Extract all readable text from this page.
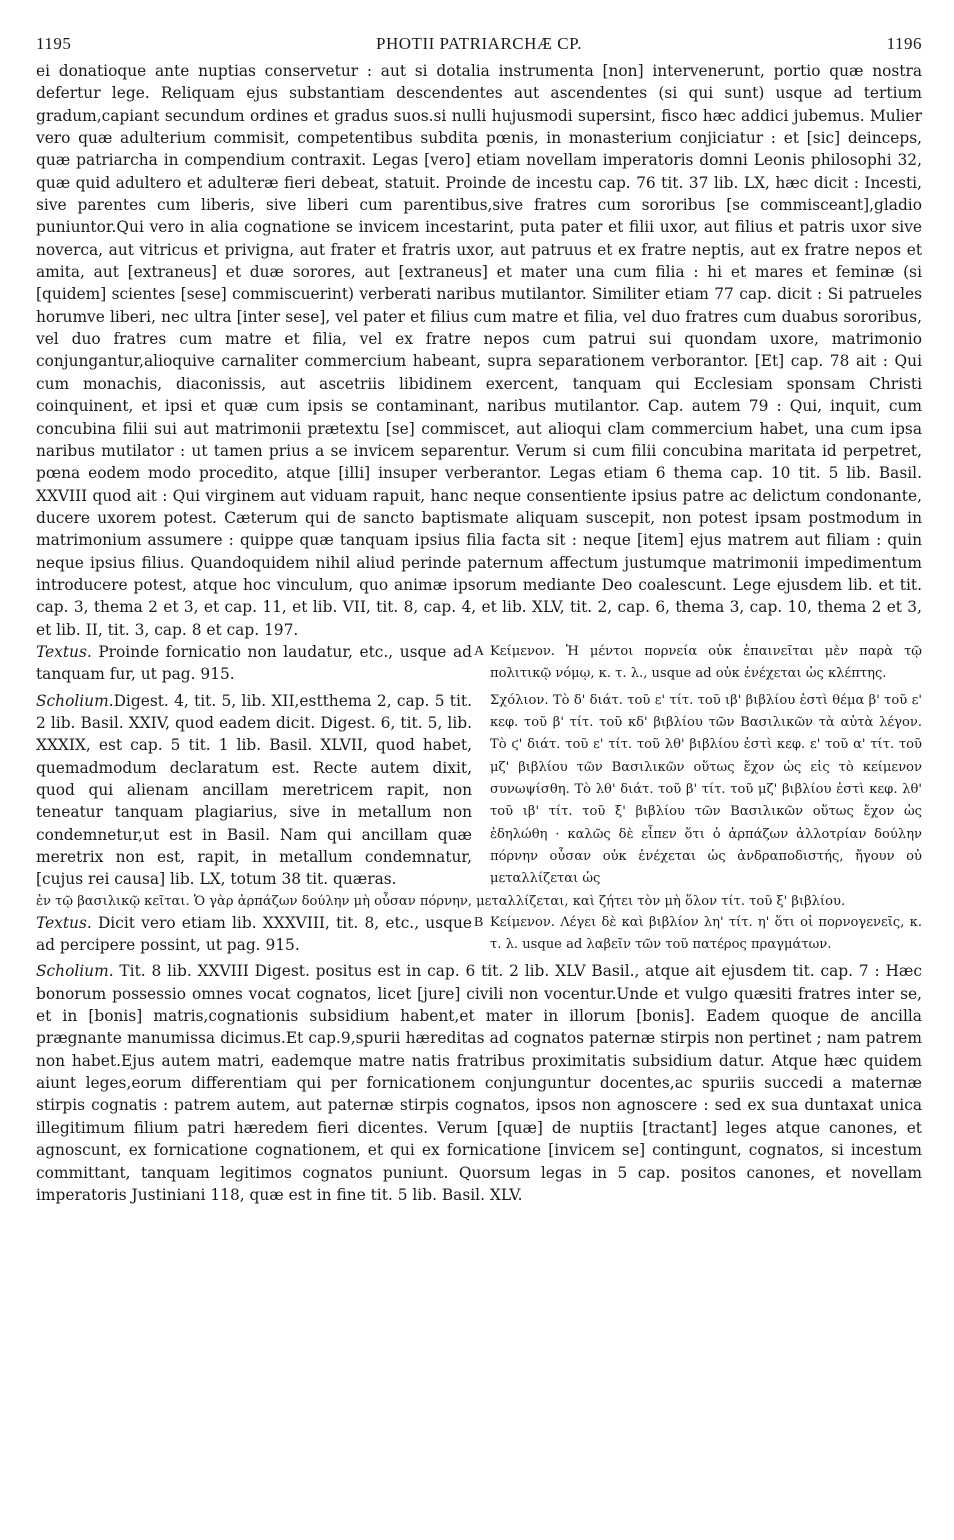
1195	PHOTII PATRIARCHÆ CP.	1196

ei donatioque ante nuptias conservetur : aut si dotalia instrumenta [non] intervenerunt, portio quæ nostra defertur lege. Reliquam ejus substantiam descendentes aut ascendentes (si qui sunt) usque ad tertium gradum,capiant secundum ordines et gradus suos.si nulli hujusmodi supersint, fisco hæc addici jubemus. Mulier vero quæ adulterium commisit, competentibus subdita pœnis, in monasterium conjiciatur : et [sic] deinceps, quæ patriarcha in compendium contraxit. Legas [vero] etiam novellam imperatoris domni Leonis philosophi 32, quæ quid adultero et adulteræ fieri debeat, statuit. Proinde de incestu cap. 76 tit. 37 lib. LX, hæc dicit : Incesti, sive parentes cum liberis, sive liberi cum parentibus,sive fratres cum sororibus [se commisceant],gladio puniuntor.Qui vero in alia cognatione se invicem incestarint, puta pater et filii uxor, aut filius et patris uxor sive noverca, aut vitricus et privigna, aut frater et fratris uxor, aut patruus et ex fratre neptis, aut ex fratre nepos et amita, aut [extraneus] et duæ sorores, aut [extraneus] et mater una cum filia : hi et mares et feminæ (si [quidem] scientes [sese] commiscuerint) verberati naribus mutilantor. Similiter etiam 77 cap. dicit : Si patrueles horumve liberi, nec ultra [inter sese], vel pater et filius cum matre et filia, vel duo fratres cum duabus sororibus, vel duo fratres cum matre et filia, vel ex fratre nepos cum patrui sui quondam uxore, matrimonio conjungantur,alioquive carnaliter commercium habeant, supra separationem verborantor. [Et] cap. 78 ait : Qui cum monachis, diaconissis, aut ascetriis libidinem exercent, tanquam qui Ecclesiam sponsam Christi coinquinent, et ipsi et quæ cum ipsis se contaminant, naribus mutilantor. Cap. autem 79 : Qui, inquit, cum concubina filii sui aut matrimonii prætextu [se] commiscet, aut alioqui clam commercium habet, una cum ipsa naribus mutilator : ut tamen prius a se invicem separentur. Verum si cum filii concubina maritata id perpetret, pœna eodem modo procedito, atque [illi] insuper verberantor. Legas etiam 6 thema cap. 10 tit. 5 lib. Basil. XXVIII quod ait : Qui virginem aut viduam rapuit, hanc neque consentiente ipsius patre ac delictum condonante, ducere uxorem potest. Cæterum qui de sancto baptismate aliquam suscepit, non potest ipsam postmodum in matrimonium assumere : quippe quæ tanquam ipsius filia facta sit : neque [item] ejus matrem aut filiam : quin neque ipsius filius. Quandoquidem nihil aliud perinde paternum affectum justumque matrimonii impedimentum introducere potest, atque hoc vinculum, quo animæ ipsorum mediante Deo coalescunt. Lege ejusdem lib. et tit. cap. 3, thema 2 et 3, et cap. 11, et lib. VII, tit. 8, cap. 4, et lib. XLV, tit. 2, cap. 6, thema 3, cap. 10, thema 2 et 3, et lib. II, tit. 3, cap. 8 et cap. 197.

Textus. Proinde fornicatio non laudatur, etc., usque ad tanquam fur, ut pag. 915.
A Κείμενον. Ἡ μέντοι πορνεία οὐκ ἐπαινεῖται μὲν παρὰ τῷ πολιτικῷ νόμῳ, κ. τ. λ., usque ad οὐκ ἐνέχεται ὡς κλέπτης.
Scholium.Digest. 4, tit. 5, lib. XII,estthema 2, cap. 5 tit. 2 lib. Basil. XXIV, quod eadem dicit. Digest. 6, tit. 5, lib. XXXIX, est cap. 5 tit. 1 lib. Basil. XLVII, quod habet, quemadmodum declaratum est. Recte autem dixit, quod qui alienam ancillam meretricem rapit, non teneatur tanquam plagiarius, sive in metallum non condemnetur,ut est in Basil. Nam qui ancillam quæ meretrix non est, rapit, in metallum condemnatur, [cujus rei causa] lib. LX, totum 38 tit. quæras.
Σχόλιον. Τὸ δ' διάτ. τοῦ ε' τίτ. τοῦ ιβ' βιβλίου ἐστὶ θέμα β' τοῦ ε' κεφ. τοῦ β' τίτ. τοῦ κδ' βιβλίου τῶν Βασιλικῶν τὰ αὐτὰ λέγον. Τὸ ϛ' διάτ. τοῦ ε' τίτ. τοῦ λθ' βιβλίου ἐστὶ κεφ. ε' τοῦ α' τίτ. τοῦ μζ' βιβλίου τῶν Βασιλικῶν οὕτως ἔχον ὡς εἰς τὸ κείμενον συνωψίσθη. Τὸ λθ' διάτ. τοῦ β' τίτ. τοῦ μζ' βιβλίου ἐστὶ κεφ. λθ' τοῦ ιβ' τίτ. τοῦ ξ' βιβλίου τῶν Βασιλικῶν οὕτως ἔχον ὡς ἐδηλώθη · καλῶς δὲ εἶπεν ὅτι ὁ ἁρπάζων ἀλλοτρίαν δούλην πόρνην οὖσαν οὐκ ἐνέχεται ὡς ἀνδραποδιστής, ἤγουν οὐ μεταλλίζεται ὡς
ἐν τῷ βασιλικῷ κεῖται. Ὁ γὰρ ἁρπάζων δούλην μὴ οὖσαν πόρνην, μεταλλίζεται, καὶ ζήτει τὸν μὴ ὅλον τίτ. τοῦ ξ' βιβλίου.
Textus. Dicit vero etiam lib. XXXVIII, tit. 8, etc., usque ad percipere possint, ut pag. 915.
B Κείμενον. Λέγει δὲ καὶ βιβλίον λη' τίτ. η' ὅτι οἱ πορνογενεῖς, κ. τ. λ. usque ad λαβεῖν τῶν τοῦ πατέρος πραγμάτων.

Scholium. Tit. 8 lib. XXVIII Digest. positus est in cap. 6 tit. 2 lib. XLV Basil., atque ait ejusdem tit. cap. 7 : Hæc bonorum possessio omnes vocat cognatos, licet [jure] civili non vocentur.Unde et vulgo quæsiti fratres inter se, et in [bonis] matris,cognationis subsidium habent,et mater in illorum [bonis]. Eadem quoque de ancilla prægnante manumissa dicimus.Et cap.9,spurii hæreditas ad cognatos paternæ stirpis non pertinet ; nam patrem non habet.Ejus autem matri, eademque matre natis fratribus proximitatis subsidium datur. Atque hæc quidem aiunt leges,eorum differentiam qui per fornicationem conjunguntur docentes,ac spuriis succedi a maternæ stirpis cognatis : patrem autem, aut paternæ stirpis cognatos, ipsos non agnoscere : sed ex sua duntaxat unica illegitimum filium patri hæredem fieri dicentes. Verum [quæ] de nuptiis [tractant] leges atque canones, et agnoscunt, ex fornicatione cognationem, et qui ex fornicatione [invicem se] contingunt, cognatos, si incestum committant, tanquam legitimos cognatos puniunt. Quorsum legas in 5 cap. positos canones, et novellam imperatoris Justiniani 118, quæ est in fine tit. 5 lib. Basil. XLV.
